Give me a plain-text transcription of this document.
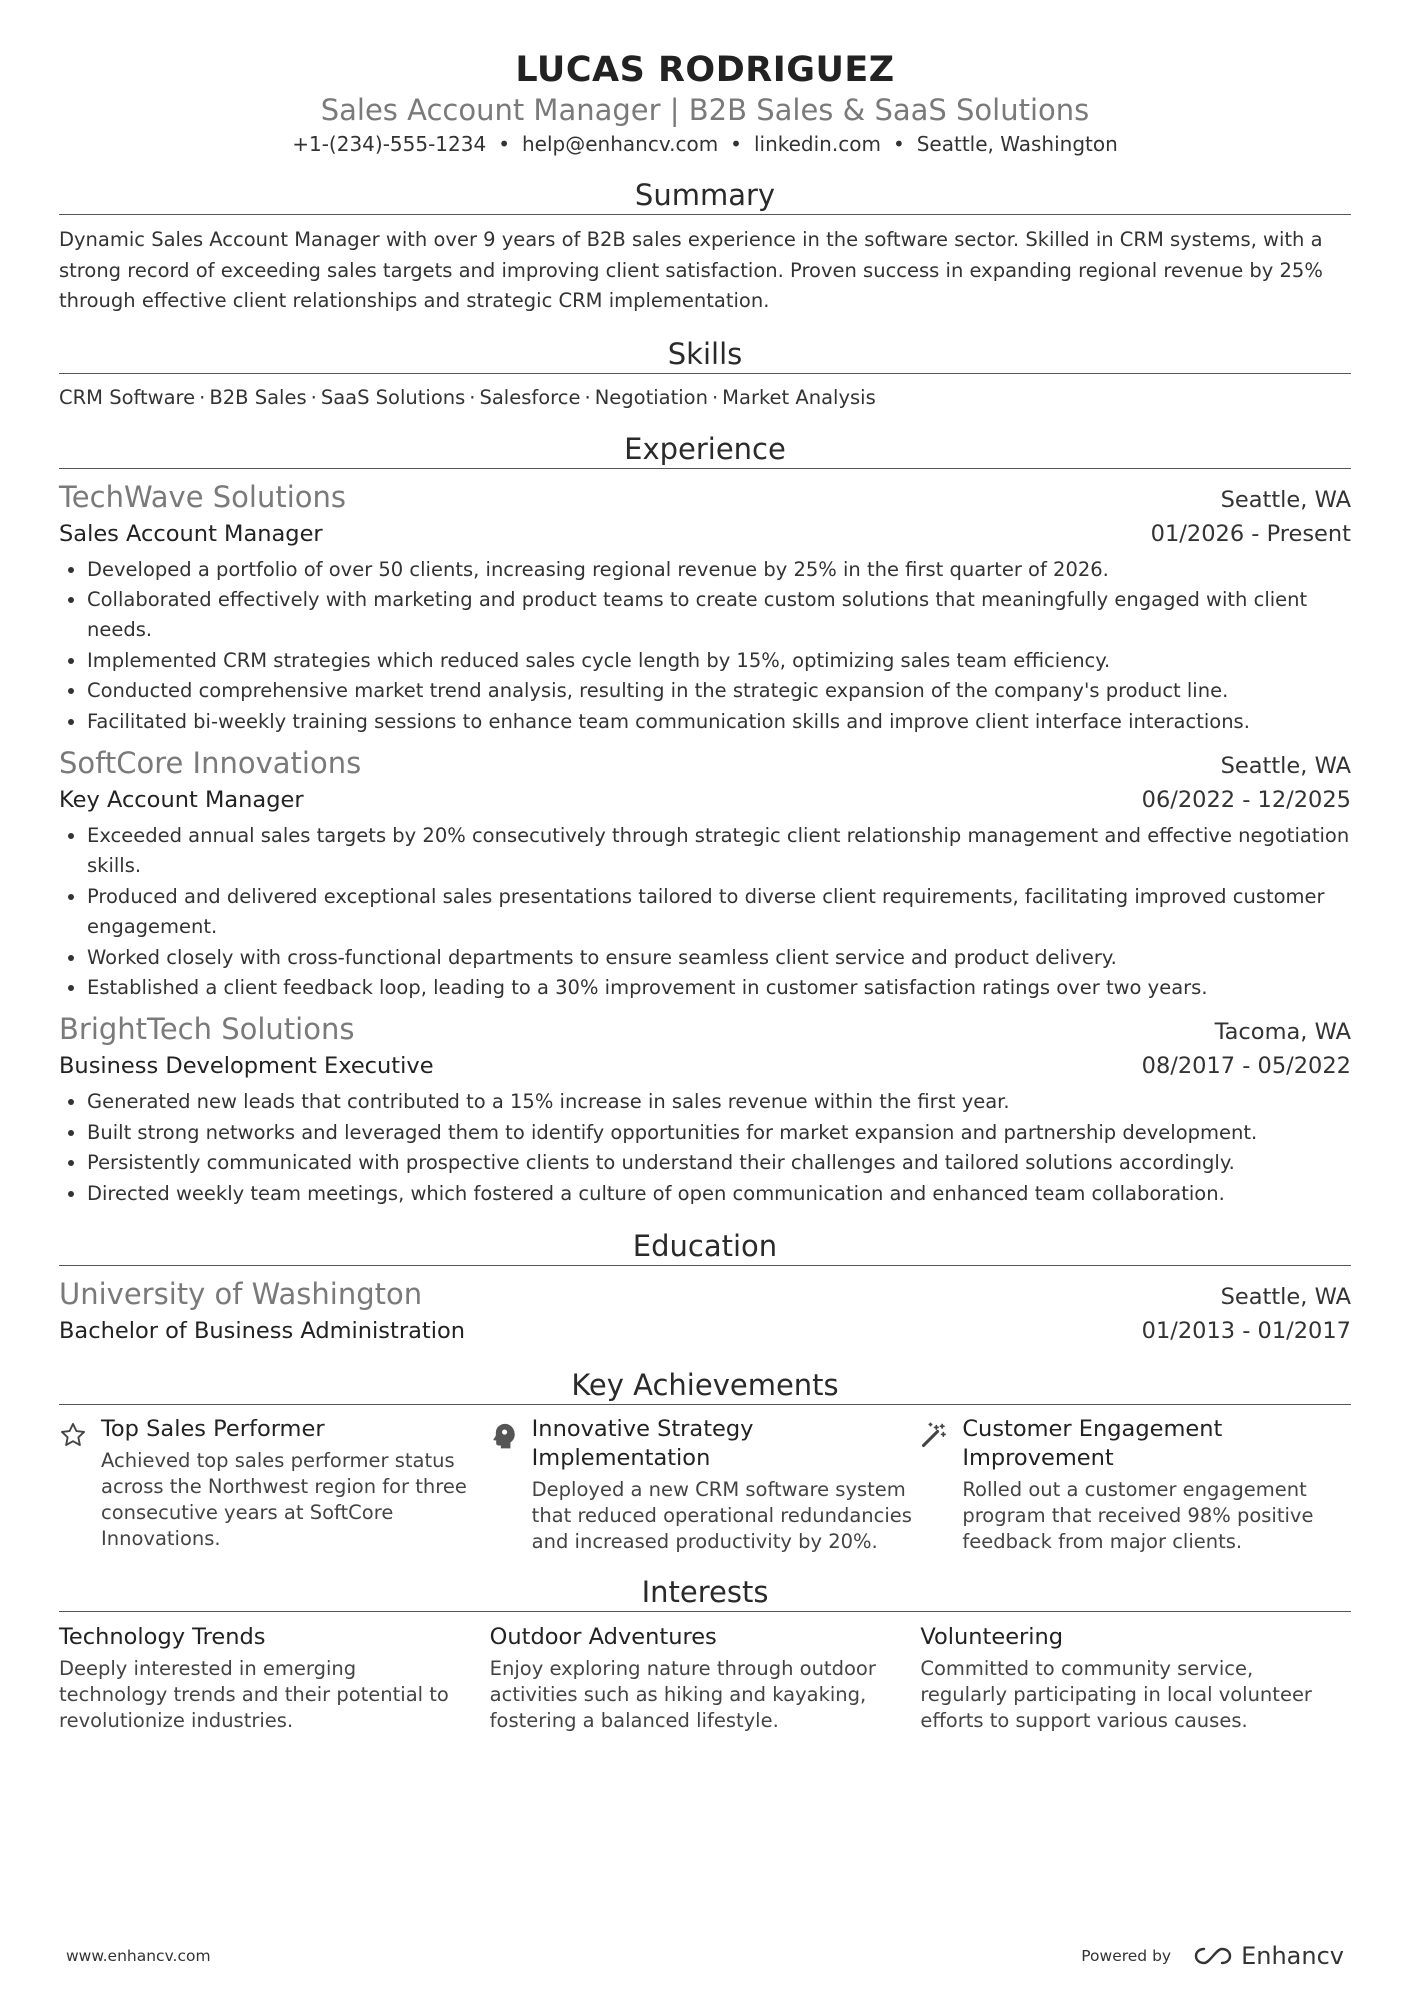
LUCAS RODRIGUEZ
Sales Account Manager | B2B Sales & SaaS Solutions
+1-(234)-555-1234 • help@enhancv.com • linkedin.com • Seattle, Washington
Summary
Dynamic Sales Account Manager with over 9 years of B2B sales experience in the software sector. Skilled in CRM systems, with a strong record of exceeding sales targets and improving client satisfaction. Proven success in expanding regional revenue by 25% through effective client relationships and strategic CRM implementation.
Skills
CRM Software · B2B Sales · SaaS Solutions · Salesforce · Negotiation · Market Analysis
Experience
TechWave Solutions	Seattle, WA
Sales Account Manager	01/2026 - Present
• Developed a portfolio of over 50 clients, increasing regional revenue by 25% in the first quarter of 2026.
• Collaborated effectively with marketing and product teams to create custom solutions that meaningfully engaged with client needs.
• Implemented CRM strategies which reduced sales cycle length by 15%, optimizing sales team efficiency.
• Conducted comprehensive market trend analysis, resulting in the strategic expansion of the company's product line.
• Facilitated bi-weekly training sessions to enhance team communication skills and improve client interface interactions.
SoftCore Innovations	Seattle, WA
Key Account Manager	06/2022 - 12/2025
• Exceeded annual sales targets by 20% consecutively through strategic client relationship management and effective negotiation skills.
• Produced and delivered exceptional sales presentations tailored to diverse client requirements, facilitating improved customer engagement.
• Worked closely with cross-functional departments to ensure seamless client service and product delivery.
• Established a client feedback loop, leading to a 30% improvement in customer satisfaction ratings over two years.
BrightTech Solutions	Tacoma, WA
Business Development Executive	08/2017 - 05/2022
• Generated new leads that contributed to a 15% increase in sales revenue within the first year.
• Built strong networks and leveraged them to identify opportunities for market expansion and partnership development.
• Persistently communicated with prospective clients to understand their challenges and tailored solutions accordingly.
• Directed weekly team meetings, which fostered a culture of open communication and enhanced team collaboration.
Education
University of Washington	Seattle, WA
Bachelor of Business Administration	01/2013 - 01/2017
Key Achievements
Top Sales Performer
Achieved top sales performer status across the Northwest region for three consecutive years at SoftCore Innovations.
Innovative Strategy Implementation
Deployed a new CRM software system that reduced operational redundancies and increased productivity by 20%.
Customer Engagement Improvement
Rolled out a customer engagement program that received 98% positive feedback from major clients.
Interests
Technology Trends
Deeply interested in emerging technology trends and their potential to revolutionize industries.
Outdoor Adventures
Enjoy exploring nature through outdoor activities such as hiking and kayaking, fostering a balanced lifestyle.
Volunteering
Committed to community service, regularly participating in local volunteer efforts to support various causes.
www.enhancv.com	Powered by	Enhancv
